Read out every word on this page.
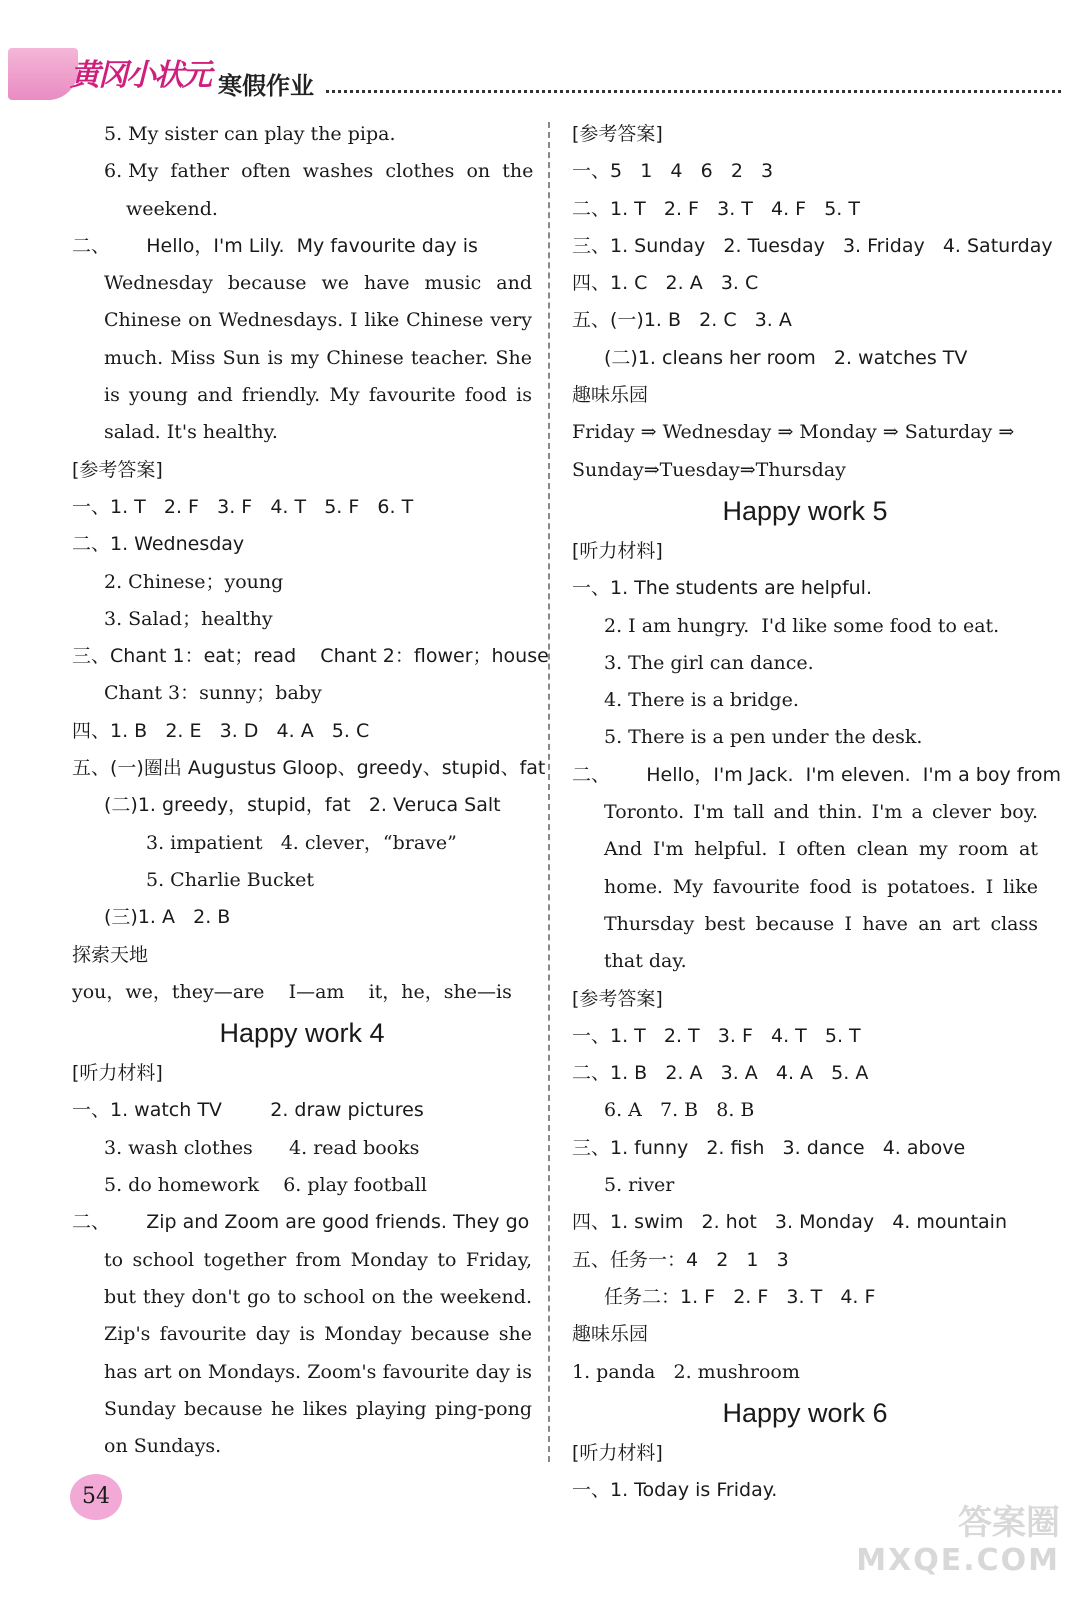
黄冈小状元 寒假作业
5. My sister can play the pipa.
6. My  father  often  washes  clothes  on  the
weekend.
二、      Hello，I'm Lily.  My favourite day is
Wednesday because we have music and Chinese on Wednesdays. I like Chinese very much. Miss Sun is my Chinese teacher. She is young and friendly. My favourite food is salad. It's healthy.
[参考答案]
一、1. T   2. F   3. F   4. T   5. F   6. T
二、1. Wednesday
2. Chinese；young
3. Salad；healthy
三、Chant 1：eat；read    Chant 2：flower；house
Chant 3：sunny；baby
四、1. B   2. E   3. D   4. A   5. C
五、(一)圈出 Augustus Gloop、greedy、stupid、fat
(二)1. greedy，stupid，fat   2. Veruca Salt
3. impatient   4. clever，“brave”
5. Charlie Bucket
(三)1. A   2. B
探索天地
you，we，they—are    I—am    it，he，she—is
Happy work 4
[听力材料]
一、1. watch TV        2. draw pictures
3. wash clothes      4. read books
5. do homework    6. play football
二、      Zip and Zoom are good friends. They go
to school together from Monday to Friday, but they don't go to school on the weekend. Zip's favourite day is Monday because she has art on Mondays. Zoom's favourite day is Sunday because he likes playing ping-pong on Sundays.
[参考答案]
一、5   1   4   6   2   3
二、1. T   2. F   3. T   4. F   5. T
三、1. Sunday   2. Tuesday   3. Friday   4. Saturday
四、1. C   2. A   3. C
五、(一)1. B   2. C   3. A
(二)1. cleans her room   2. watches TV
趣味乐园
Friday ⇒ Wednesday ⇒ Monday ⇒ Saturday ⇒
Sunday⇒Tuesday⇒Thursday
Happy work 5
[听力材料]
一、1. The students are helpful.
2. I am hungry.  I'd like some food to eat.
3. The girl can dance.
4. There is a bridge.
5. There is a pen under the desk.
二、      Hello，I'm Jack.  I'm eleven.  I'm a boy from
Toronto. I'm tall and thin. I'm a clever boy. And I'm helpful. I often clean my room at home. My favourite food is potatoes. I like Thursday best because I have an art class that day.
[参考答案]
一、1. T   2. T   3. F   4. T   5. T
二、1. B   2. A   3. A   4. A   5. A
6. A   7. B   8. B
三、1. funny   2. fish   3. dance   4. above
5. river
四、1. swim   2. hot   3. Monday   4. mountain
五、任务一：4   2   1   3
任务二：1. F   2. F   3. T   4. F
趣味乐园
1. panda   2. mushroom
Happy work 6
[听力材料]
一、1. Today is Friday.
54
答案圈
MXQE.COM
